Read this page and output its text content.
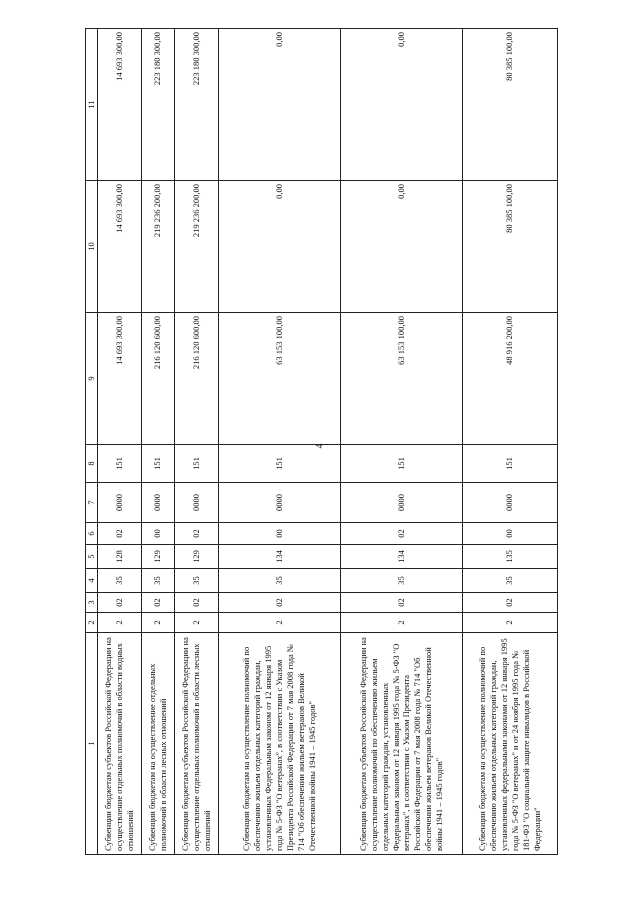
4
1	2	3	4	5	6	7	8	9	10	11
Субвенции бюджетам субъектов Российской Федерации на осуществление отдельных полномочий в области водных отношений	2	02	35	128	02	0000	151	14 693 300,00	14 693 300,00	14 693 300,00
Субвенции бюджетам на осуществление отдельных полномочий в области лесных отношений	2	02	35	129	00	0000	151	216 120 600,00	219 236 200,00	223 180 300,00
Субвенции бюджетам субъектов Российской Федерации на осуществление отдельных полномочий в области лесных отношений	2	02	35	129	02	0000	151	216 120 600,00	219 236 200,00	223 180 300,00
Субвенции бюджетам на осуществление полномочий по обеспечению жильем отдельных категорий граждан, установленных Федеральным законом от 12 января 1995 года № 5-ФЗ "О ветеранах", в соответствии с Указом Президента Российской Федерации от 7 мая 2008 года № 714 "Об обеспечении жильем ветеранов Великой Отечественной войны 1941 – 1945 годов"	2	02	35	134	00	0000	151	63 153 100,00	0,00	0,00
Субвенции бюджетам субъектов Российской Федерации на осуществление полномочий по обеспечению жильем отдельных категорий граждан, установленных Федеральным законом от 12 января 1995 года № 5-ФЗ "О ветеранах", в соответствии с Указом Президента Российской Федерации от 7 мая 2008 года № 714 "Об обеспечении жильем ветеранов Великой Отечественной войны 1941 – 1945 годов"	2	02	35	134	02	0000	151	63 153 100,00	0,00	0,00
Субвенции бюджетам на осуществление полномочий по обеспечению жильем отдельных категорий граждан, установленных федеральными законами от 12 января 1995 года № 5-ФЗ "О ветеранах" и от 24 ноября 1995 года № 181-ФЗ "О социальной защите инвалидов в Российской Федерации"	2	02	35	135	00	0000	151	48 916 200,00	80 385 100,00	80 385 100,00
